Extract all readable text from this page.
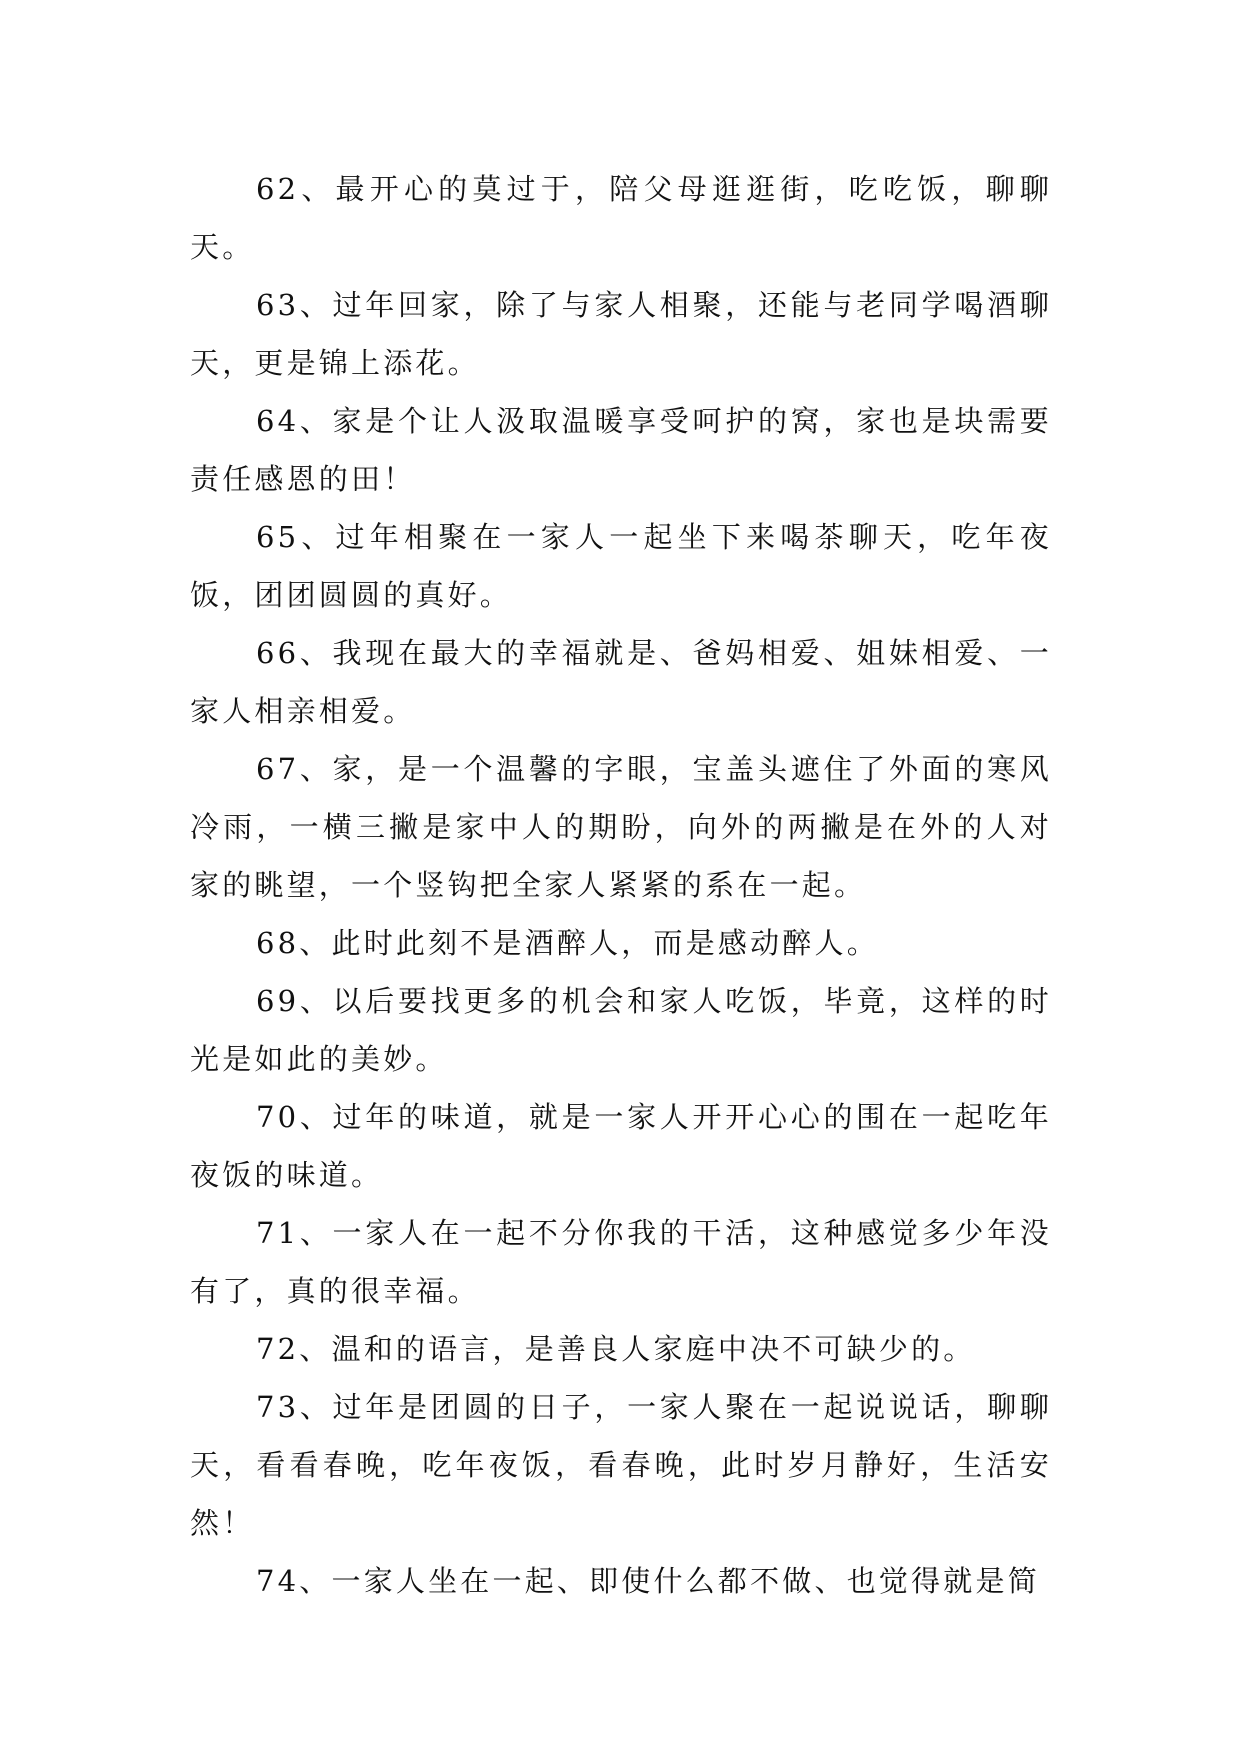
62、最开心的莫过于，陪父母逛逛街，吃吃饭，聊聊天。

63、过年回家，除了与家人相聚，还能与老同学喝酒聊天，更是锦上添花。

64、家是个让人汲取温暖享受呵护的窝，家也是块需要责任感恩的田！

65、过年相聚在一家人一起坐下来喝茶聊天，吃年夜饭，团团圆圆的真好。

66、我现在最大的幸福就是、爸妈相爱、姐妹相爱、一家人相亲相爱。

67、家，是一个温馨的字眼，宝盖头遮住了外面的寒风冷雨，一横三撇是家中人的期盼，向外的两撇是在外的人对家的眺望，一个竖钩把全家人紧紧的系在一起。

68、此时此刻不是酒醉人，而是感动醉人。

69、以后要找更多的机会和家人吃饭，毕竟，这样的时光是如此的美妙。

70、过年的味道，就是一家人开开心心的围在一起吃年夜饭的味道。

71、一家人在一起不分你我的干活，这种感觉多少年没有了，真的很幸福。

72、温和的语言，是善良人家庭中决不可缺少的。

73、过年是团圆的日子，一家人聚在一起说说话，聊聊天，看看春晚，吃年夜饭，看春晚，此时岁月静好，生活安然！

74、一家人坐在一起、即使什么都不做、也觉得就是简
